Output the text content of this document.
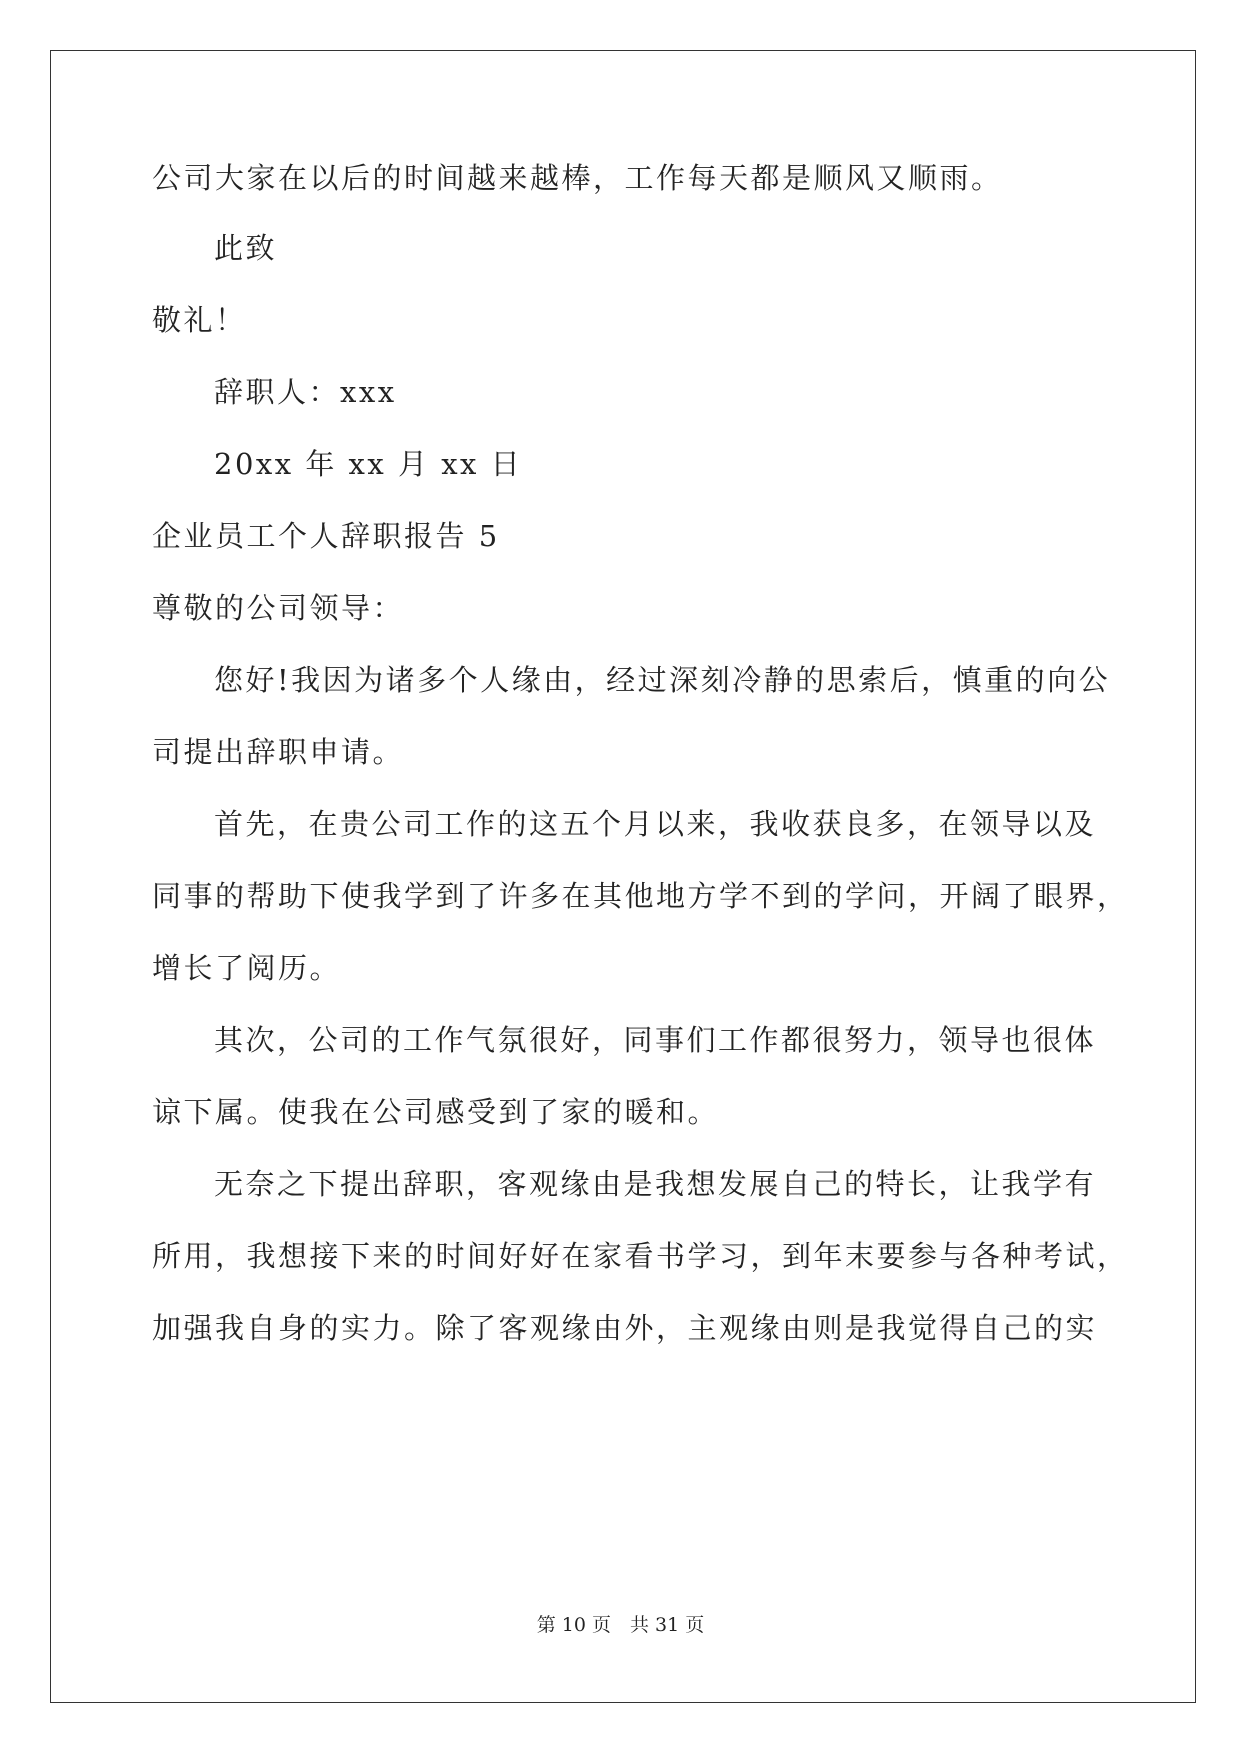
公司大家在以后的时间越来越棒，工作每天都是顺风又顺雨。
此致
敬礼！
辞职人：xxx
20xx 年 xx 月 xx 日
企业员工个人辞职报告 5
尊敬的公司领导：
您好!我因为诸多个人缘由，经过深刻冷静的思索后，慎重的向公
司提出辞职申请。
首先，在贵公司工作的这五个月以来，我收获良多，在领导以及
同事的帮助下使我学到了许多在其他地方学不到的学问，开阔了眼界，
增长了阅历。
其次，公司的工作气氛很好，同事们工作都很努力，领导也很体
谅下属。使我在公司感受到了家的暖和。
无奈之下提出辞职，客观缘由是我想发展自己的特长，让我学有
所用，我想接下来的时间好好在家看书学习，到年末要参与各种考试，
加强我自身的实力。除了客观缘由外，主观缘由则是我觉得自己的实
第 10 页　共 31 页
